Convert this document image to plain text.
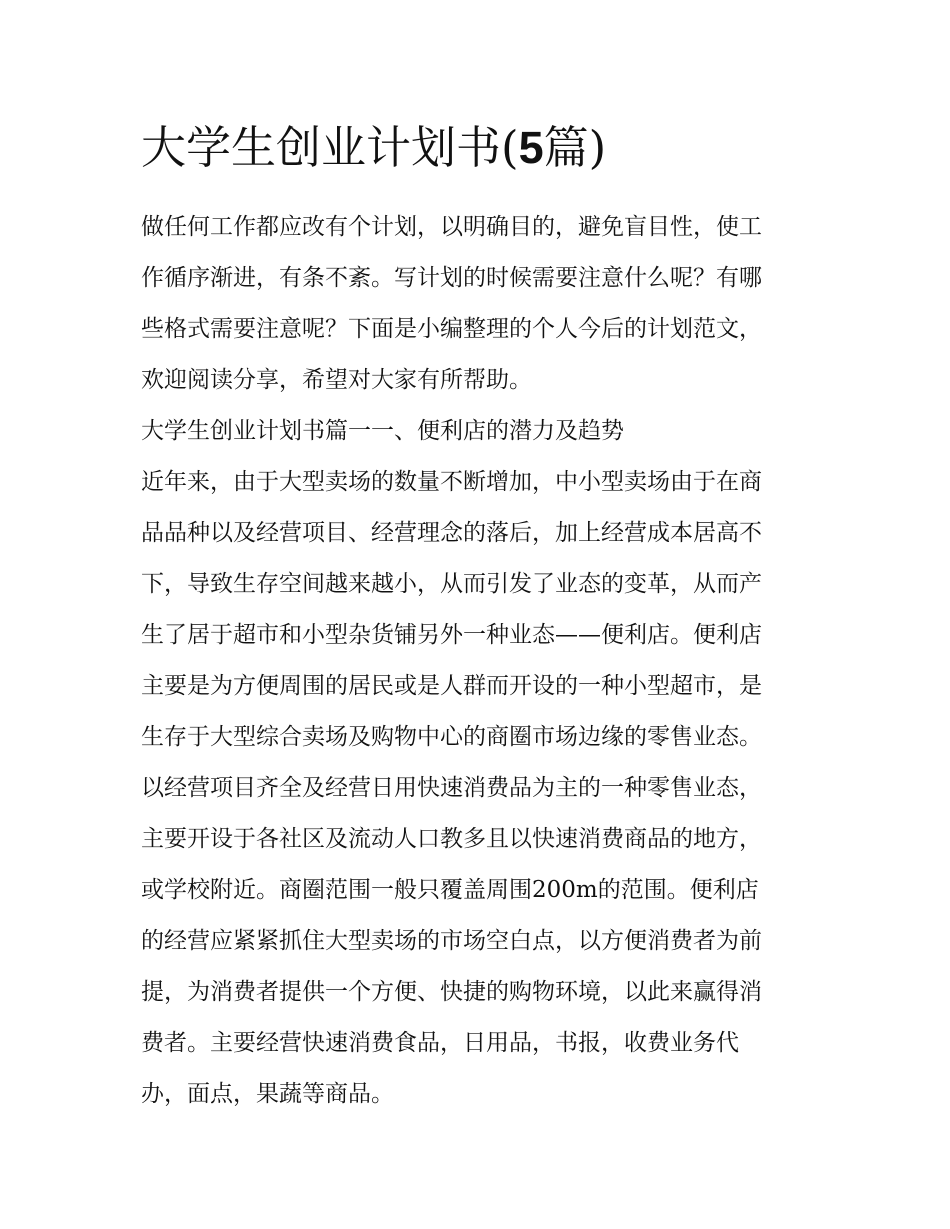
大学生创业计划书(5篇)
做任何工作都应改有个计划，以明确目的，避免盲目性，使工
作循序渐进，有条不紊。写计划的时候需要注意什么呢？有哪
些格式需要注意呢？下面是小编整理的个人今后的计划范文，
欢迎阅读分享，希望对大家有所帮助。
大学生创业计划书篇一一、便利店的潜力及趋势
近年来，由于大型卖场的数量不断增加，中小型卖场由于在商
品品种以及经营项目、经营理念的落后，加上经营成本居高不
下，导致生存空间越来越小，从而引发了业态的变革，从而产
生了居于超市和小型杂货铺另外一种业态——便利店。便利店
主要是为方便周围的居民或是人群而开设的一种小型超市，是
生存于大型综合卖场及购物中心的商圈市场边缘的零售业态。
以经营项目齐全及经营日用快速消费品为主的一种零售业态，
主要开设于各社区及流动人口教多且以快速消费商品的地方，
或学校附近。商圈范围一般只覆盖周围200m的范围。便利店
的经营应紧紧抓住大型卖场的市场空白点，以方便消费者为前
提，为消费者提供一个方便、快捷的购物环境，以此来赢得消
费者。主要经营快速消费食品，日用品，书报，收费业务代
办，面点，果蔬等商品。
